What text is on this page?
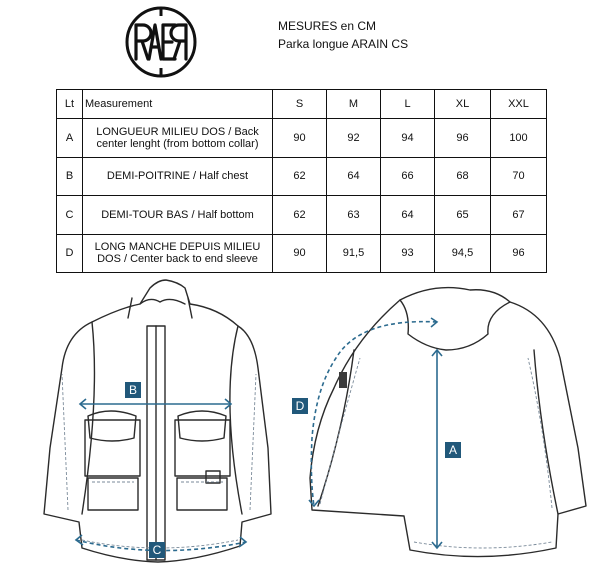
MESURES en CM
Parka longue ARAIN CS
Lt	Measurement	S	M	L	XL	XXL
A	LONGUEUR MILIEU DOS / Back
center lenght (from bottom collar)	90	92	94	96	100
B	DEMI-POITRINE / Half chest	62	64	66	68	70
C	DEMI-TOUR BAS / Half bottom	62	63	64	65	67
D	LONG MANCHE DEPUIS MILIEU
DOS / Center back to end sleeve	90	91,5	93	94,5	96
B
C
A
D
